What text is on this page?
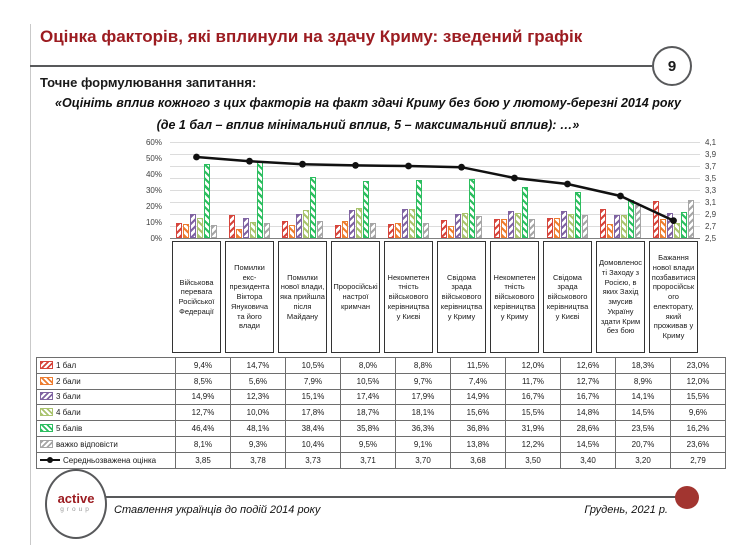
Оцінка факторів, які вплинули на здачу Криму: зведений графік
9
Точне формулювання запитання:
«Оцініть вплив кожного з цих факторів на факт здачі Криму без бою у лютому-березні 2014 року
(де 1 бал – вплив мінімальний вплив, 5 – максимальний вплив): …»
60%
50%
40%
30%
20%
10%
0%
4,1
3,9
3,7
3,5
3,3
3,1
2,9
2,7
2,5
Військова перевага Російської Федерації
Помилки екс-президента Віктора Януковича та його влади
Помилки нової влади, яка прийшла після Майдану
Проросійські настрої кримчан
Некомпетентність військового керівництва у Києві
Свідома зрада військового керівництва у Криму
Некомпетентність військового керівництва у Криму
Свідома зрада військового керівництва у Києві
Домовленості Заходу з Росією, в яких Захід змусив Україну здати Крим без бою
Бажання нової влади позбавитися проросійського електорату, який проживав у Криму
1 бал	9,4%	14,7%	10,5%	8,0%	8,8%	11,5%	12,0%	12,6%	18,3%	23,0%
2 бали	8,5%	5,6%	7,9%	10,5%	9,7%	7,4%	11,7%	12,7%	8,9%	12,0%
3 бали	14,9%	12,3%	15,1%	17,4%	17,9%	14,9%	16,7%	16,7%	14,1%	15,5%
4 бали	12,7%	10,0%	17,8%	18,7%	18,1%	15,6%	15,5%	14,8%	14,5%	9,6%
5 балів	46,4%	48,1%	38,4%	35,8%	36,3%	36,8%	31,9%	28,6%	23,5%	16,2%
важко відповісти	8,1%	9,3%	10,4%	9,5%	9,1%	13,8%	12,2%	14,5%	20,7%	23,6%
Середньозважена оцінка	3,85	3,78	3,73	3,71	3,70	3,68	3,50	3,40	3,20	2,79
active
group Ставлення українців до подій 2014 року	Грудень, 2021 р.
